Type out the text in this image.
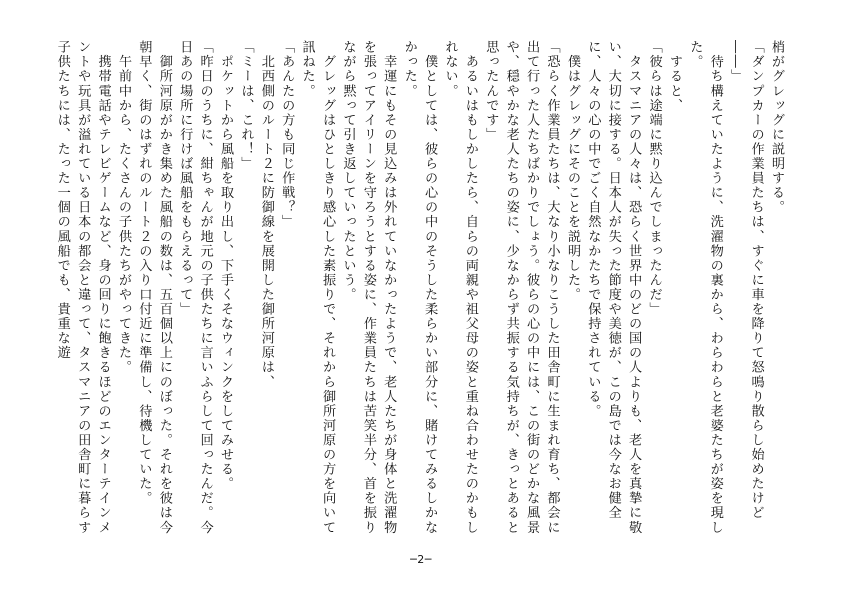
梢がグレッグに説明する。

「ダンプカーの作業員たちは、すぐに車を降りて怒鳴り散らし始めたけど――」

　待ち構えていたように、洗濯物の裏から、わらわらと老婆たちが姿を現した。

　すると、

「彼らは途端に黙り込んでしまったんだ」

　タスマニアの人々は、恐らく世界中のどの国の人よりも、老人を真摯に敬い、大切に接する。日本人が失った節度や美徳が、この島では今なお健全に、人々の心の中でごく自然なかたちで保持されている。

　僕はグレッグにそのことを説明した。

「恐らく作業員たちは、大なり小なりこうした田舎町に生まれ育ち、都会に出て行った人たちばかりでしょう。彼らの心の中には、この街のどかな風景や、穏やかな老人たちの姿に、少なからず共振する気持ちが、きっとあると思ったんです」

　あるいはもしかしたら、自らの両親や祖父母の姿と重ね合わせたのかもしれない。

　僕としては、彼らの心の中のそうした柔らかい部分に、賭けてみるしかなかった。

　幸運にもその見込みは外れていなかったようで、老人たちが身体と洗濯物を張ってアイリーンを守ろうとする姿に、作業員たちは苦笑半分、首を振りながら黙って引き返していったという。

　グレッグはひとしきり感心した素振りで、それから御所河原の方を向いて訊ねた。

「あんたの方も同じ作戦？」

　北西側のルート２に防御線を展開した御所河原は、

「ミーは、これ！」

　ポケットから風船を取り出し、下手くそなウィンクをしてみせる。

「昨日のうちに、紺ちゃんが地元の子供たちに言いふらして回ったんだ。今日あの場所に行けば風船をもらえるって」

　御所河原がかき集めた風船の数は、五百個以上にのぼった。それを彼は今朝早く、街のはずれのルート２の入り口付近に準備し、待機していた。

　午前中から、たくさんの子供たちがやってきた。

　携帯電話やテレビゲームなど、身の回りに飽きるほどのエンターテインメントや玩具が溢れている日本の都会と違って、タスマニアの田舎町に暮らす子供たちには、たった一個の風船でも、貴重な遊

─2─
